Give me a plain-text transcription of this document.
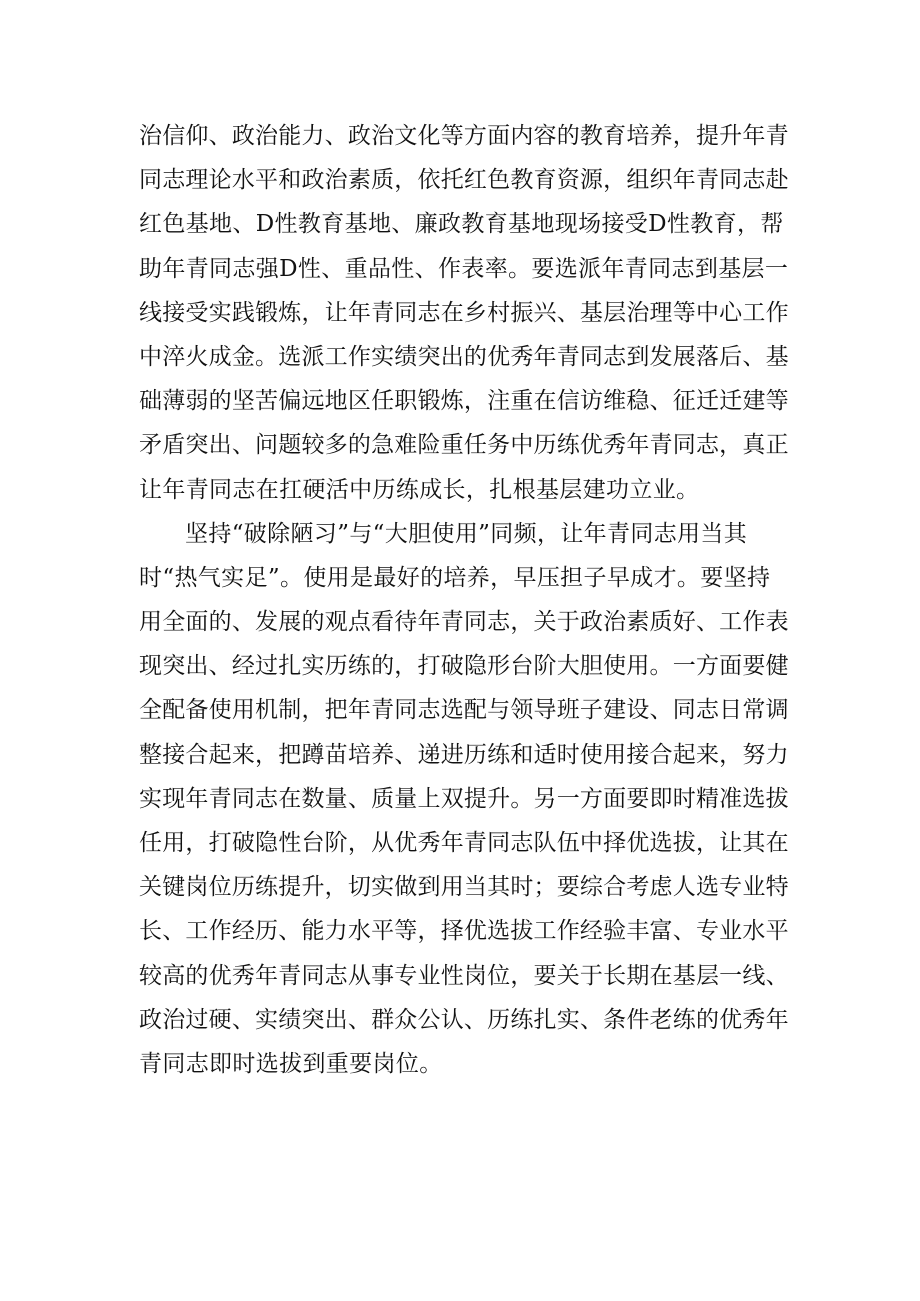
治信仰、政治能力、政治文化等方面内容的教育培养，提升年青
同志理论水平和政治素质，依托红色教育资源，组织年青同志赴
红色基地、D性教育基地、廉政教育基地现场接受D性教育，帮
助年青同志强D性、重品性、作表率。要选派年青同志到基层一
线接受实践锻炼，让年青同志在乡村振兴、基层治理等中心工作
中淬火成金。选派工作实绩突出的优秀年青同志到发展落后、基
础薄弱的坚苦偏远地区任职锻炼，注重在信访维稳、征迁迁建等
矛盾突出、问题较多的急难险重任务中历练优秀年青同志，真正
让年青同志在扛硬活中历练成长，扎根基层建功立业。
坚持“破除陋习”与“大胆使用”同频，让年青同志用当其
时“热气实足”。使用是最好的培养，早压担子早成才。要坚持
用全面的、发展的观点看待年青同志，关于政治素质好、工作表
现突出、经过扎实历练的，打破隐形台阶大胆使用。一方面要健
全配备使用机制，把年青同志选配与领导班子建设、同志日常调
整接合起来，把蹲苗培养、递进历练和适时使用接合起来，努力
实现年青同志在数量、质量上双提升。另一方面要即时精准选拔
任用，打破隐性台阶，从优秀年青同志队伍中择优选拔，让其在
关键岗位历练提升，切实做到用当其时；要综合考虑人选专业特
长、工作经历、能力水平等，择优选拔工作经验丰富、专业水平
较高的优秀年青同志从事专业性岗位，要关于长期在基层一线、
政治过硬、实绩突出、群众公认、历练扎实、条件老练的优秀年
青同志即时选拔到重要岗位。
